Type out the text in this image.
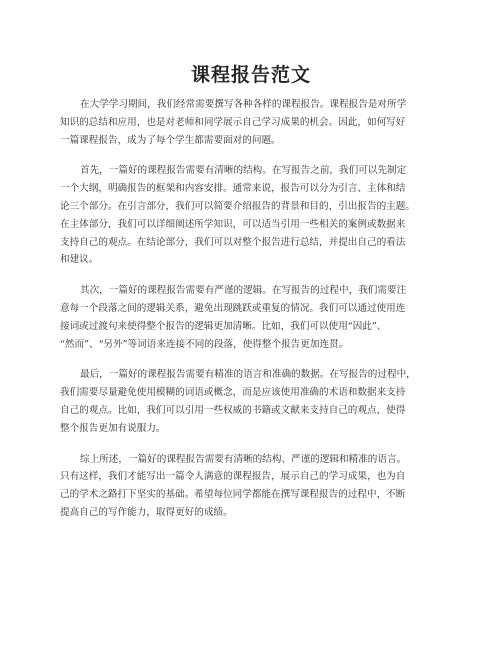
课程报告范文
在大学学习期间，我们经常需要撰写各种各样的课程报告。课程报告是对所学
知识的总结和应用，也是对老师和同学展示自己学习成果的机会。因此，如何写好
一篇课程报告，成为了每个学生都需要面对的问题。
首先，一篇好的课程报告需要有清晰的结构。在写报告之前，我们可以先制定
一个大纲，明确报告的框架和内容安排。通常来说，报告可以分为引言、主体和结
论三个部分。在引言部分，我们可以简要介绍报告的背景和目的，引出报告的主题。
在主体部分，我们可以详细阐述所学知识，可以适当引用一些相关的案例或数据来
支持自己的观点。在结论部分，我们可以对整个报告进行总结，并提出自己的看法
和建议。
其次，一篇好的课程报告需要有严谨的逻辑。在写报告的过程中，我们需要注
意每一个段落之间的逻辑关系，避免出现跳跃或重复的情况。我们可以通过使用连
接词或过渡句来使得整个报告的逻辑更加清晰。比如，我们可以使用“因此”、
“然而”、“另外”等词语来连接不同的段落，使得整个报告更加连贯。
最后，一篇好的课程报告需要有精准的语言和准确的数据。在写报告的过程中，
我们需要尽量避免使用模糊的词语或概念，而是应该使用准确的术语和数据来支持
自己的观点。比如，我们可以引用一些权威的书籍或文献来支持自己的观点，使得
整个报告更加有说服力。
综上所述，一篇好的课程报告需要有清晰的结构、严谨的逻辑和精准的语言。
只有这样，我们才能写出一篇令人满意的课程报告，展示自己的学习成果，也为自
己的学术之路打下坚实的基础。希望每位同学都能在撰写课程报告的过程中，不断
提高自己的写作能力，取得更好的成绩。
